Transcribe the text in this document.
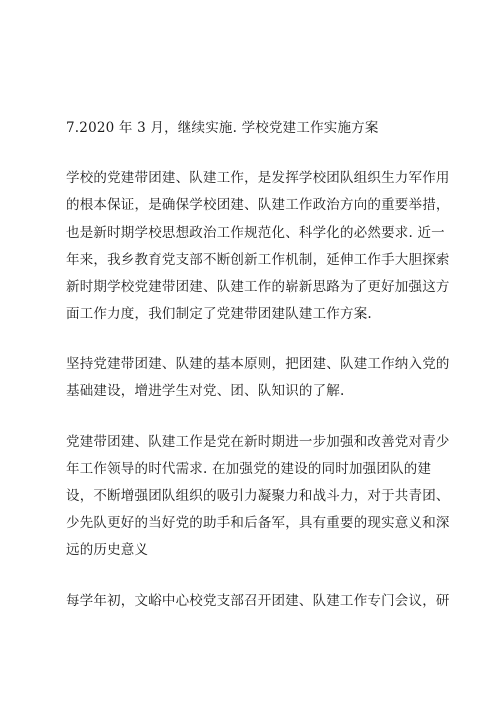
7.2020 年 3 月，继续实施. 学校党建工作实施方案
学校的党建带团建、队建工作，是发挥学校团队组织生力军作用
的根本保证，是确保学校团建、队建工作政治方向的重要举措，
也是新时期学校思想政治工作规范化、科学化的必然要求. 近一
年来，我乡教育党支部不断创新工作机制，延伸工作手大胆探索
新时期学校党建带团建、队建工作的崭新思路为了更好加强这方
面工作力度，我们制定了党建带团建队建工作方案.
坚持党建带团建、队建的基本原则，把团建、队建工作纳入党的
基础建设，增进学生对党、团、队知识的了解.
党建带团建、队建工作是党在新时期进一步加强和改善党对青少
年工作领导的时代需求. 在加强党的建设的同时加强团队的建
设，不断增强团队组织的吸引力凝聚力和战斗力，对于共青团、
少先队更好的当好党的助手和后备军，具有重要的现实意义和深
远的历史意义
每学年初，文峪中心校党支部召开团建、队建工作专门会议，研
